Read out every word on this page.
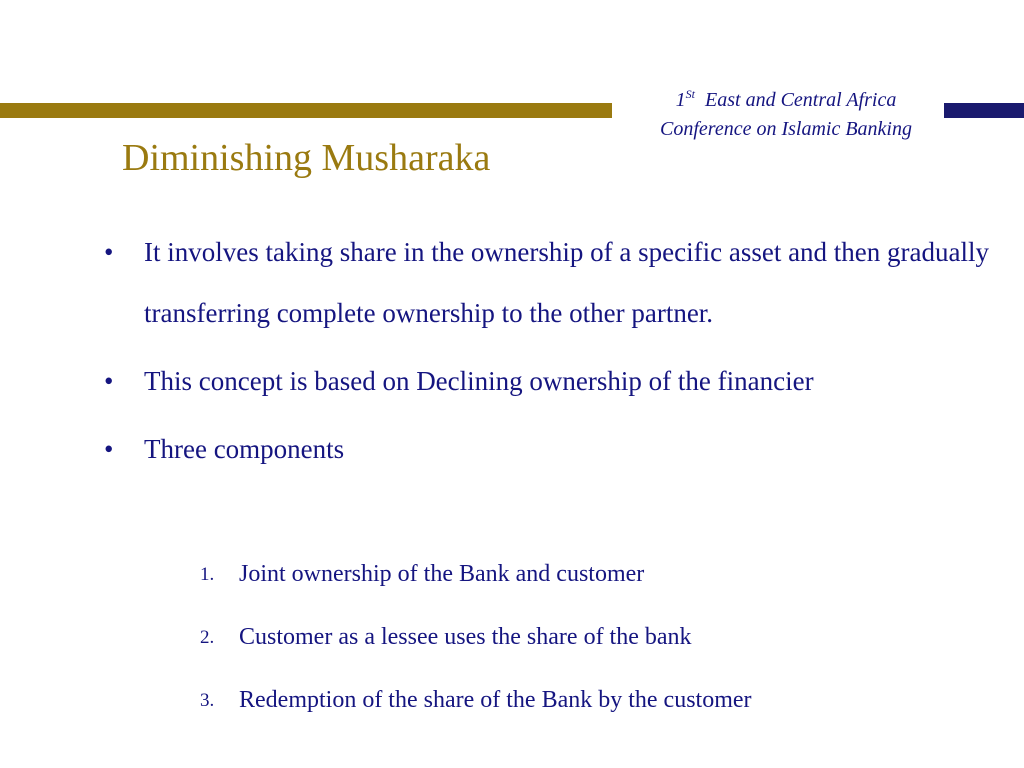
1St East and Central Africa
Conference on Islamic Banking
Diminishing Musharaka
• It involves taking share in the ownership of a specific asset and then gradually transferring complete ownership to the other partner.
• This concept is based on Declining ownership of the financier
• Three components
1. Joint ownership of the Bank and customer
2. Customer as a lessee uses the share of the bank
3. Redemption of the share of the Bank by the customer
